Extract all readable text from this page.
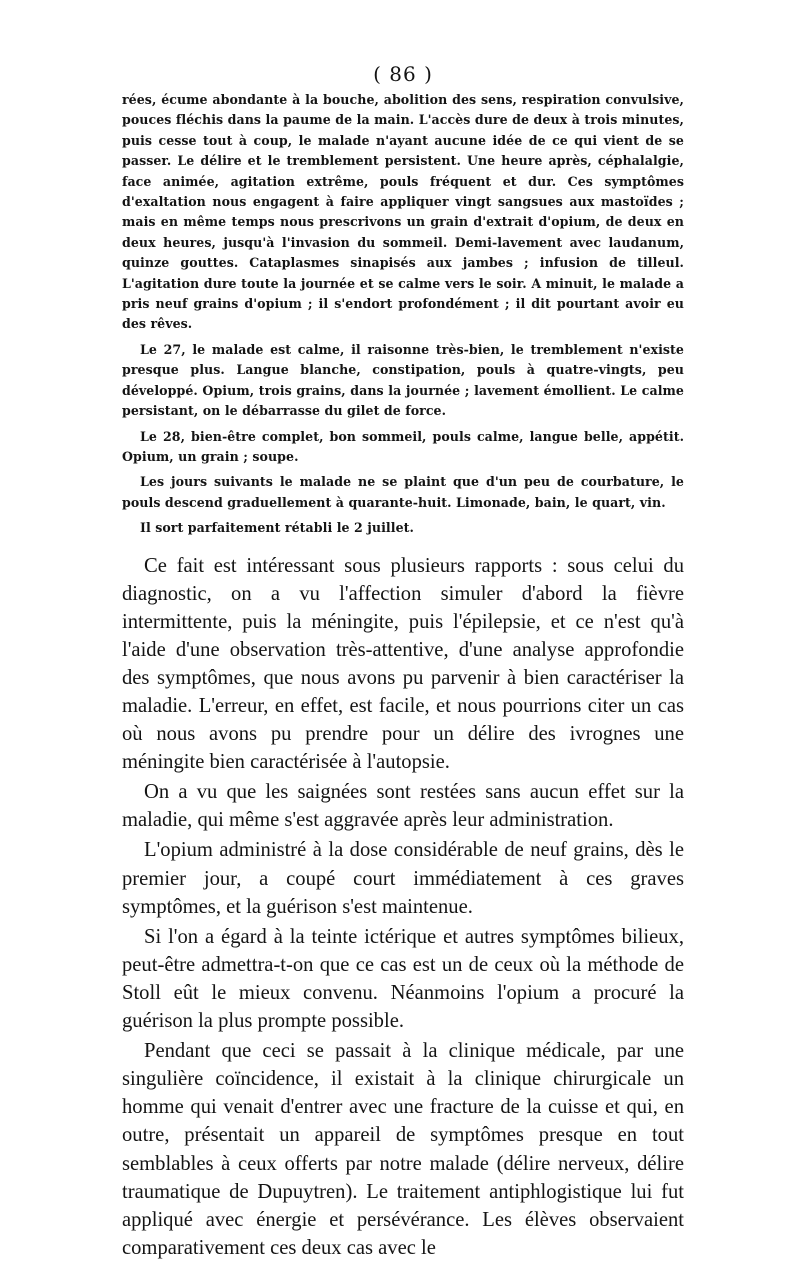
( 86 )

rées, écume abondante à la bouche, abolition des sens, respiration convulsive, pouces fléchis dans la paume de la main. L'accès dure de deux à trois minutes, puis cesse tout à coup, le malade n'ayant aucune idée de ce qui vient de se passer. Le délire et le tremblement persistent. Une heure après, céphalalgie, face animée, agitation extrême, pouls fréquent et dur. Ces symptômes d'exaltation nous engagent à faire appliquer vingt sangsues aux mastoïdes ; mais en même temps nous prescrivons un grain d'extrait d'opium, de deux en deux heures, jusqu'à l'invasion du sommeil. Demi-lavement avec laudanum, quinze gouttes. Cataplasmes sinapisés aux jambes ; infusion de tilleul. L'agitation dure toute la journée et se calme vers le soir. A minuit, le malade a pris neuf grains d'opium ; il s'endort profondément ; il dit pourtant avoir eu des rêves.

Le 27, le malade est calme, il raisonne très-bien, le tremblement n'existe presque plus. Langue blanche, constipation, pouls à quatre-vingts, peu développé. Opium, trois grains, dans la journée ; lavement émollient. Le calme persistant, on le débarrasse du gilet de force.

Le 28, bien-être complet, bon sommeil, pouls calme, langue belle, appétit. Opium, un grain ; soupe.

Les jours suivants le malade ne se plaint que d'un peu de courbature, le pouls descend graduellement à quarante-huit. Limonade, bain, le quart, vin.

Il sort parfaitement rétabli le 2 juillet.

Ce fait est intéressant sous plusieurs rapports : sous celui du diagnostic, on a vu l'affection simuler d'abord la fièvre intermittente, puis la méningite, puis l'épilepsie, et ce n'est qu'à l'aide d'une observation très-attentive, d'une analyse approfondie des symptômes, que nous avons pu parvenir à bien caractériser la maladie. L'erreur, en effet, est facile, et nous pourrions citer un cas où nous avons pu prendre pour un délire des ivrognes une méningite bien caractérisée à l'autopsie.

On a vu que les saignées sont restées sans aucun effet sur la maladie, qui même s'est aggravée après leur administration.

L'opium administré à la dose considérable de neuf grains, dès le premier jour, a coupé court immédiatement à ces graves symptômes, et la guérison s'est maintenue.

Si l'on a égard à la teinte ictérique et autres symptômes bilieux, peut-être admettra-t-on que ce cas est un de ceux où la méthode de Stoll eût le mieux convenu. Néanmoins l'opium a procuré la guérison la plus prompte possible.

Pendant que ceci se passait à la clinique médicale, par une singulière coïncidence, il existait à la clinique chirurgicale un homme qui venait d'entrer avec une fracture de la cuisse et qui, en outre, présentait un appareil de symptômes presque en tout semblables à ceux offerts par notre malade (délire nerveux, délire traumatique de Dupuytren). Le traitement antiphlogistique lui fut appliqué avec énergie et persévérance. Les élèves observaient comparativement ces deux cas avec le
